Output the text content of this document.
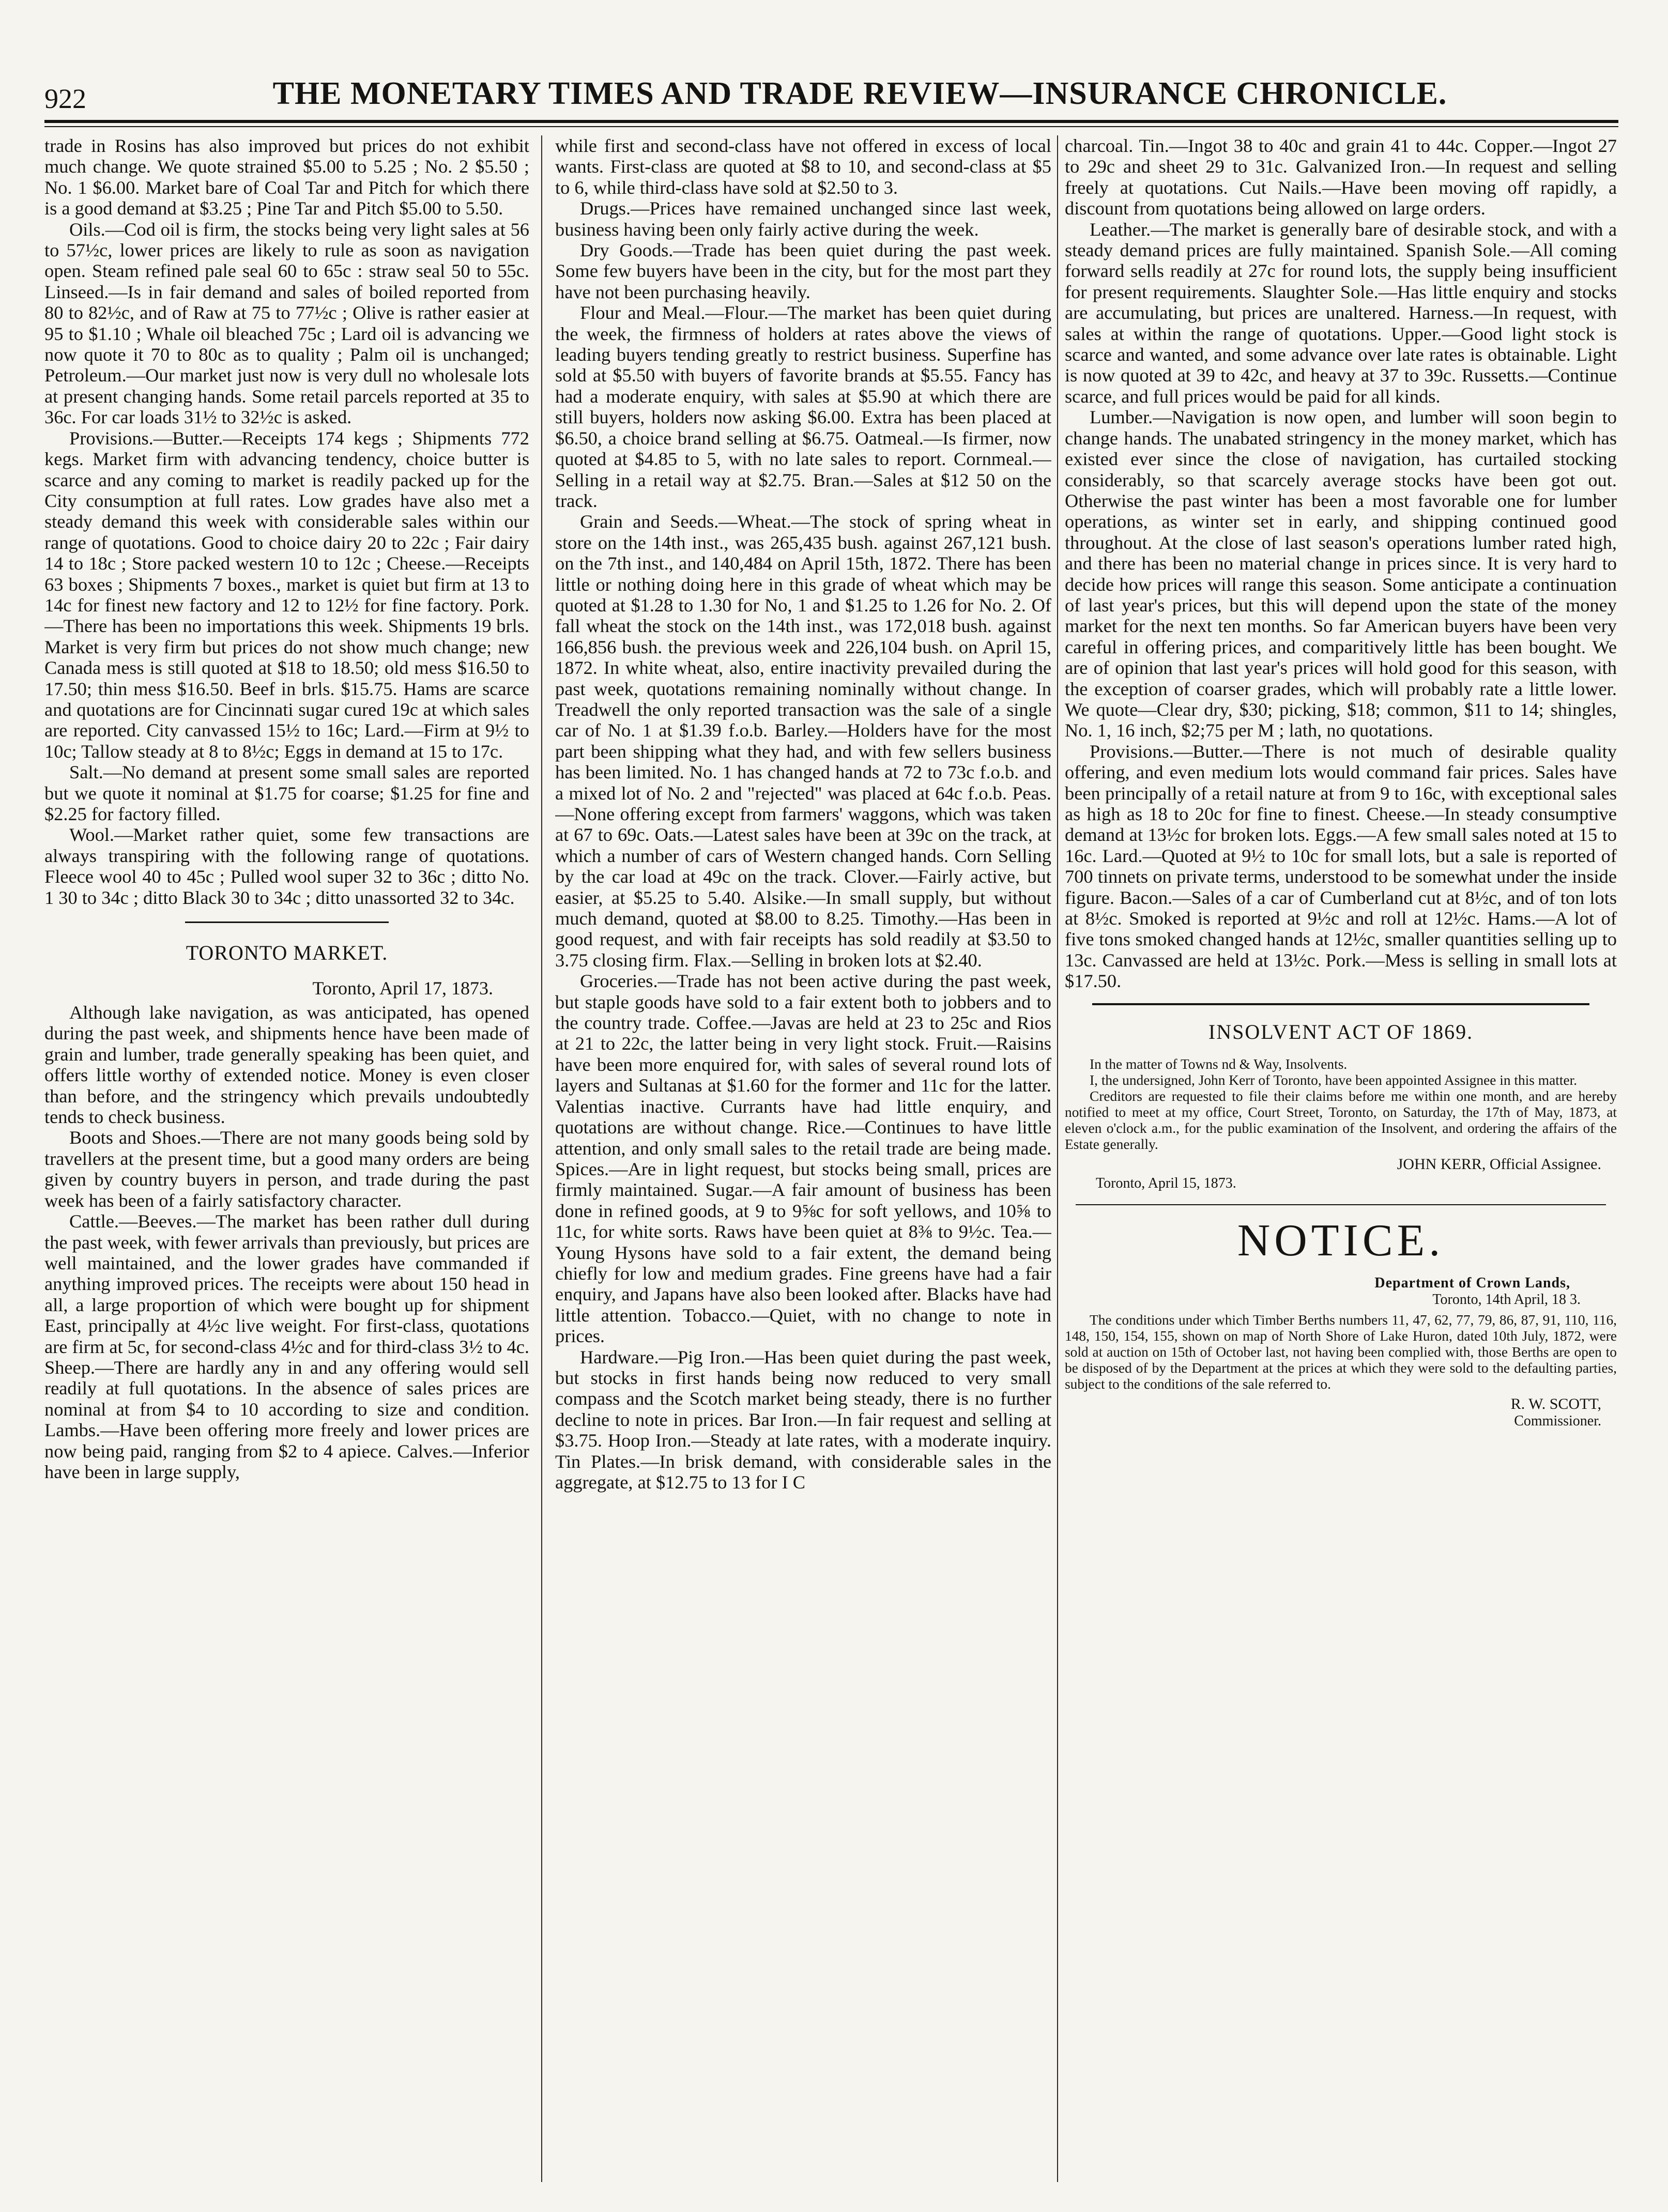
922	THE MONETARY TIMES AND TRADE REVIEW—INSURANCE CHRONICLE.

trade in Rosins has also improved but prices do not exhibit much change. We quote strained $5.00 to 5.25 ; No. 2 $5.50 ; No. 1 $6.00. Market bare of Coal Tar and Pitch for which there is a good demand at $3.25 ; Pine Tar and Pitch $5.00 to 5.50.

Oils.—Cod oil is firm, the stocks being very light sales at 56 to 57½c, lower prices are likely to rule as soon as navigation open. Steam refined pale seal 60 to 65c : straw seal 50 to 55c. Linseed.—Is in fair demand and sales of boiled reported from 80 to 82½c, and of Raw at 75 to 77½c ; Olive is rather easier at 95 to $1.10 ; Whale oil bleached 75c ; Lard oil is advancing we now quote it 70 to 80c as to quality ; Palm oil is unchanged; Petroleum.—Our market just now is very dull no wholesale lots at present changing hands. Some retail parcels reported at 35 to 36c. For car loads 31½ to 32½c is asked.

Provisions.—Butter.—Receipts 174 kegs ; Shipments 772 kegs. Market firm with advancing tendency, choice butter is scarce and any coming to market is readily packed up for the City consumption at full rates. Low grades have also met a steady demand this week with considerable sales within our range of quotations. Good to choice dairy 20 to 22c ; Fair dairy 14 to 18c ; Store packed western 10 to 12c ; Cheese.—Receipts 63 boxes ; Shipments 7 boxes., market is quiet but firm at 13 to 14c for finest new factory and 12 to 12½ for fine factory. Pork.—There has been no importations this week. Shipments 19 brls. Market is very firm but prices do not show much change; new Canada mess is still quoted at $18 to 18.50; old mess $16.50 to 17.50; thin mess $16.50. Beef in brls. $15.75. Hams are scarce and quotations are for Cincinnati sugar cured 19c at which sales are reported. City canvassed 15½ to 16c; Lard.—Firm at 9½ to 10c; Tallow steady at 8 to 8½c; Eggs in demand at 15 to 17c.

Salt.—No demand at present some small sales are reported but we quote it nominal at $1.75 for coarse; $1.25 for fine and $2.25 for factory filled.

Wool.—Market rather quiet, some few transactions are always transpiring with the following range of quotations. Fleece wool 40 to 45c ; Pulled wool super 32 to 36c ; ditto No. 1 30 to 34c ; ditto Black 30 to 34c ; ditto unassorted 32 to 34c.

TORONTO MARKET.
Toronto, April 17, 1873.

Although lake navigation, as was anticipated, has opened during the past week, and shipments hence have been made of grain and lumber, trade generally speaking has been quiet, and offers little worthy of extended notice. Money is even closer than before, and the stringency which prevails undoubtedly tends to check business.

Boots and Shoes.—There are not many goods being sold by travellers at the present time, but a good many orders are being given by country buyers in person, and trade during the past week has been of a fairly satisfactory character.

Cattle.—Beeves.—The market has been rather dull during the past week, with fewer arrivals than previously, but prices are well maintained, and the lower grades have commanded if anything improved prices. The receipts were about 150 head in all, a large proportion of which were bought up for shipment East, principally at 4½c live weight. For first-class, quotations are firm at 5c, for second-class 4½c and for third-class 3½ to 4c. Sheep.—There are hardly any in and any offering would sell readily at full quotations. In the absence of sales prices are nominal at from $4 to 10 according to size and condition. Lambs.—Have been offering more freely and lower prices are now being paid, ranging from $2 to 4 apiece. Calves.—Inferior have been in large supply,

while first and second-class have not offered in excess of local wants. First-class are quoted at $8 to 10, and second-class at $5 to 6, while third-class have sold at $2.50 to 3.

Drugs.—Prices have remained unchanged since last week, business having been only fairly active during the week.

Dry Goods.—Trade has been quiet during the past week. Some few buyers have been in the city, but for the most part they have not been purchasing heavily.

Flour and Meal.—Flour.—The market has been quiet during the week, the firmness of holders at rates above the views of leading buyers tending greatly to restrict business. Superfine has sold at $5.50 with buyers of favorite brands at $5.55. Fancy has had a moderate enquiry, with sales at $5.90 at which there are still buyers, holders now asking $6.00. Extra has been placed at $6.50, a choice brand selling at $6.75. Oatmeal.—Is firmer, now quoted at $4.85 to 5, with no late sales to report. Cornmeal.—Selling in a retail way at $2.75. Bran.—Sales at $12 50 on the track.

Grain and Seeds.—Wheat.—The stock of spring wheat in store on the 14th inst., was 265,435 bush. against 267,121 bush. on the 7th inst., and 140,484 on April 15th, 1872. There has been little or nothing doing here in this grade of wheat which may be quoted at $1.28 to 1.30 for No, 1 and $1.25 to 1.26 for No. 2. Of fall wheat the stock on the 14th inst., was 172,018 bush. against 166,856 bush. the previous week and 226,104 bush. on April 15, 1872. In white wheat, also, entire inactivity prevailed during the past week, quotations remaining nominally without change. In Treadwell the only reported transaction was the sale of a single car of No. 1 at $1.39 f.o.b. Barley.—Holders have for the most part been shipping what they had, and with few sellers business has been limited. No. 1 has changed hands at 72 to 73c f.o.b. and a mixed lot of No. 2 and "rejected" was placed at 64c f.o.b. Peas.—None offering except from farmers' waggons, which was taken at 67 to 69c. Oats.—Latest sales have been at 39c on the track, at which a number of cars of Western changed hands. Corn Selling by the car load at 49c on the track. Clover.—Fairly active, but easier, at $5.25 to 5.40. Alsike.—In small supply, but without much demand, quoted at $8.00 to 8.25. Timothy.—Has been in good request, and with fair receipts has sold readily at $3.50 to 3.75 closing firm. Flax.—Selling in broken lots at $2.40.

Groceries.—Trade has not been active during the past week, but staple goods have sold to a fair extent both to jobbers and to the country trade. Coffee.—Javas are held at 23 to 25c and Rios at 21 to 22c, the latter being in very light stock. Fruit.—Raisins have been more enquired for, with sales of several round lots of layers and Sultanas at $1.60 for the former and 11c for the latter. Valentias inactive. Currants have had little enquiry, and quotations are without change. Rice.—Continues to have little attention, and only small sales to the retail trade are being made. Spices.—Are in light request, but stocks being small, prices are firmly maintained. Sugar.—A fair amount of business has been done in refined goods, at 9 to 9⅝c for soft yellows, and 10⅝ to 11c, for white sorts. Raws have been quiet at 8⅜ to 9½c. Tea.—Young Hysons have sold to a fair extent, the demand being chiefly for low and medium grades. Fine greens have had a fair enquiry, and Japans have also been looked after. Blacks have had little attention. Tobacco.—Quiet, with no change to note in prices.

Hardware.—Pig Iron.—Has been quiet during the past week, but stocks in first hands being now reduced to very small compass and the Scotch market being steady, there is no further decline to note in prices. Bar Iron.—In fair request and selling at $3.75. Hoop Iron.—Steady at late rates, with a moderate inquiry. Tin Plates.—In brisk demand, with considerable sales in the aggregate, at $12.75 to 13 for I C

charcoal. Tin.—Ingot 38 to 40c and grain 41 to 44c. Copper.—Ingot 27 to 29c and sheet 29 to 31c. Galvanized Iron.—In request and selling freely at quotations. Cut Nails.—Have been moving off rapidly, a discount from quotations being allowed on large orders.

Leather.—The market is generally bare of desirable stock, and with a steady demand prices are fully maintained. Spanish Sole.—All coming forward sells readily at 27c for round lots, the supply being insufficient for present requirements. Slaughter Sole.—Has little enquiry and stocks are accumulating, but prices are unaltered. Harness.—In request, with sales at within the range of quotations. Upper.—Good light stock is scarce and wanted, and some advance over late rates is obtainable. Light is now quoted at 39 to 42c, and heavy at 37 to 39c. Russetts.—Continue scarce, and full prices would be paid for all kinds.

Lumber.—Navigation is now open, and lumber will soon begin to change hands. The unabated stringency in the money market, which has existed ever since the close of navigation, has curtailed stocking considerably, so that scarcely average stocks have been got out. Otherwise the past winter has been a most favorable one for lumber operations, as winter set in early, and shipping continued good throughout. At the close of last season's operations lumber rated high, and there has been no material change in prices since. It is very hard to decide how prices will range this season. Some anticipate a continuation of last year's prices, but this will depend upon the state of the money market for the next ten months. So far American buyers have been very careful in offering prices, and comparitively little has been bought. We are of opinion that last year's prices will hold good for this season, with the exception of coarser grades, which will probably rate a little lower. We quote—Clear dry, $30; picking, $18; common, $11 to 14; shingles, No. 1, 16 inch, $2;75 per M ; lath, no quotations.

Provisions.—Butter.—There is not much of desirable quality offering, and even medium lots would command fair prices. Sales have been principally of a retail nature at from 9 to 16c, with exceptional sales as high as 18 to 20c for fine to finest. Cheese.—In steady consumptive demand at 13½c for broken lots. Eggs.—A few small sales noted at 15 to 16c. Lard.—Quoted at 9½ to 10c for small lots, but a sale is reported of 700 tinnets on private terms, understood to be somewhat under the inside figure. Bacon.—Sales of a car of Cumberland cut at 8½c, and of ton lots at 8½c. Smoked is reported at 9½c and roll at 12½c. Hams.—A lot of five tons smoked changed hands at 12½c, smaller quantities selling up to 13c. Canvassed are held at 13½c. Pork.—Mess is selling in small lots at $17.50.

INSOLVENT ACT OF 1869.

In the matter of Towns nd & Way, Insolvents.

I, the undersigned, John Kerr of Toronto, have been appointed Assignee in this matter.

Creditors are requested to file their claims before me within one month, and are hereby notified to meet at my office, Court Street, Toronto, on Saturday, the 17th of May, 1873, at eleven o'clock a.m., for the public examination of the Insolvent, and ordering the affairs of the Estate generally.

JOHN KERR, Official Assignee.
Toronto, April 15, 1873.
NOTICE.
Department of Crown Lands,
Toronto, 14th April, 18 3.

The conditions under which Timber Berths numbers 11, 47, 62, 77, 79, 86, 87, 91, 110, 116, 148, 150, 154, 155, shown on map of North Shore of Lake Huron, dated 10th July, 1872, were sold at auction on 15th of October last, not having been complied with, those Berths are open to be disposed of by the Department at the prices at which they were sold to the defaulting parties, subject to the conditions of the sale referred to.

R. W. SCOTT,
Commissioner.
